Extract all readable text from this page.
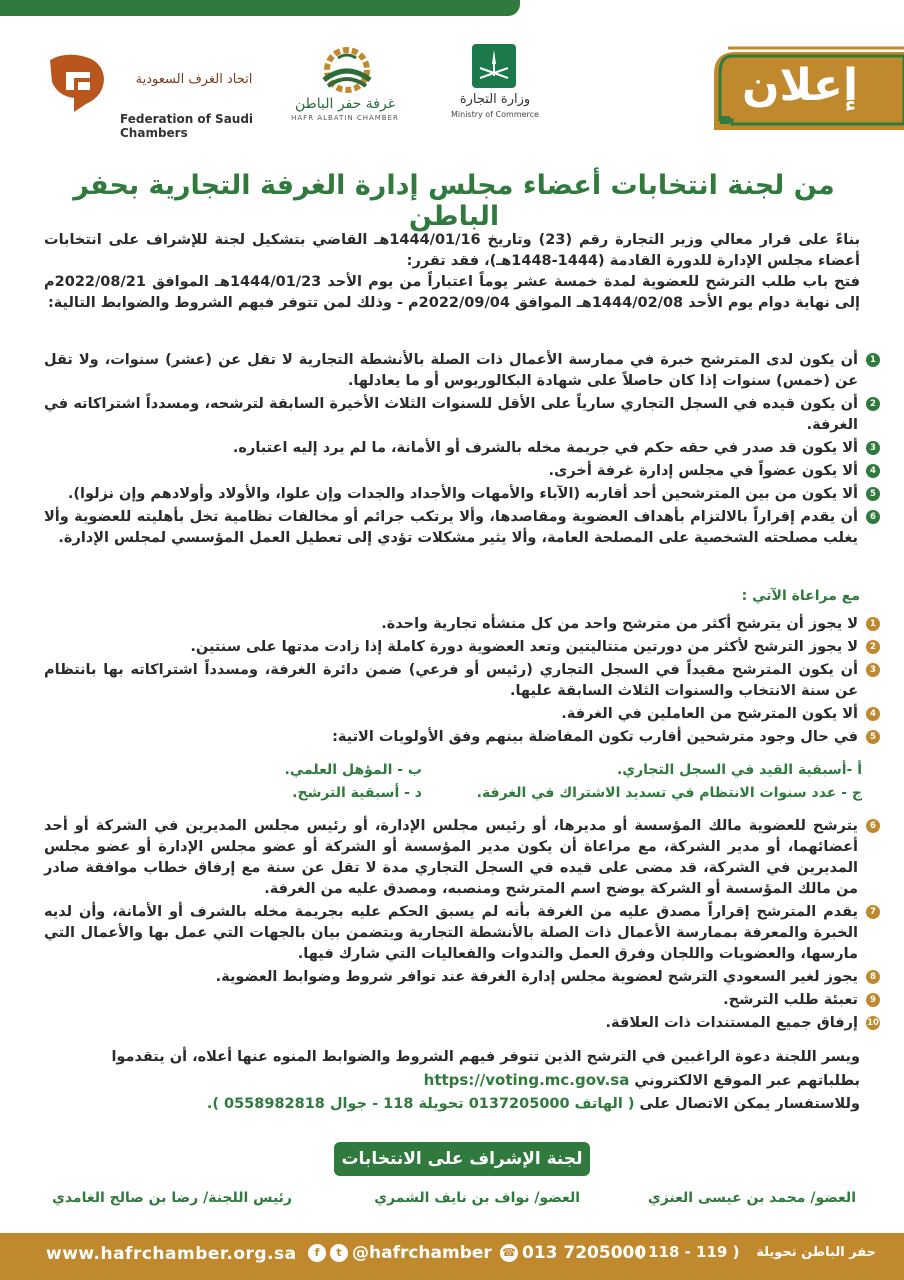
اتحاد الغرف السعودية
Federation of Saudi Chambers
غرفة حفر الباطن
HAFR ALBATIN CHAMBER
وزارة التجارة
Ministry of Commerce
إعلان
من لجنة انتخابات أعضاء مجلس إدارة الغرفة التجارية بحفر الباطن

بناءً على قرار معالي وزير التجارة رقم (23) وتاريخ 1444/01/16هـ القاضي بتشكيل لجنة للإشراف على انتخابات أعضاء مجلس الإدارة للدورة القادمة (1444-1448هـ)، فقد تقرر:

فتح باب طلب الترشح للعضوية لمدة خمسة عشر يوماً اعتباراً من يوم الأحد 1444/01/23هـ الموافق 2022/08/21م إلى نهاية دوام يوم الأحد 1444/02/08هـ الموافق 2022/09/04م - وذلك لمن تتوفر فيهم الشروط والضوابط التالية:

1
أن يكون لدى المترشح خبرة في ممارسة الأعمال ذات الصلة بالأنشطة التجارية لا تقل عن (عشر) سنوات، ولا تقل عن (خمس) سنوات إذا كان حاصلاً على شهادة البكالوريوس أو ما يعادلها.
2
أن يكون قيده في السجل التجاري سارياً على الأقل للسنوات الثلاث الأخيرة السابقة لترشحه، ومسدداً اشتراكاته في الغرفة.
3
ألا يكون قد صدر في حقه حكم في جريمة مخله بالشرف أو الأمانة، ما لم يرد إليه اعتباره.
4
ألا يكون عضواً في مجلس إدارة غرفة أخرى.
5
ألا يكون من بين المترشحين أحد أقاربه (الآباء والأمهات والأجداد والجدات وإن علوا، والأولاد وأولادهم وإن نزلوا).
6
أن يقدم إقراراً بالالتزام بأهداف العضوية ومقاصدها، وألا يرتكب جرائم أو مخالفات نظامية تخل بأهليته للعضوية وألا يغلب مصلحته الشخصية على المصلحة العامة، وألا يثير مشكلات تؤدي إلى تعطيل العمل المؤسسي لمجلس الإدارة.
مع مراعاة الآتي :
1
لا يجوز أن يترشح أكثر من مترشح واحد من كل منشأه تجارية واحدة.
2
لا يجوز الترشح لأكثر من دورتين متتاليتين وتعد العضوية دورة كاملة إذا زادت مدتها على سنتين.
3
أن يكون المترشح مقيداً في السجل التجاري (رئيس أو فرعي) ضمن دائرة الغرفة، ومسدداً اشتراكاته بها بانتظام عن سنة الانتخاب والسنوات الثلاث السابقة عليها.
4
ألا يكون المترشح من العاملين في الغرفة.
5
في حال وجود مترشحين أقارب تكون المفاضلة بينهم وفق الأولويات الاتية:
أ -أسبقية القيد في السجل التجاري.
ب - المؤهل العلمي.
ج - عدد سنوات الانتظام في تسديد الاشتراك في الغرفة.
د - أسبقية الترشح.
6
يترشح للعضوية مالك المؤسسة أو مديرها، أو رئيس مجلس الإدارة، أو رئيس مجلس المديرين في الشركة أو أحد أعضائهما، أو مدير الشركة، مع مراعاة أن يكون مدير المؤسسة أو الشركة أو عضو مجلس الإدارة أو عضو مجلس المديرين في الشركة، قد مضى على قيده في السجل التجاري مدة لا تقل عن سنة مع إرفاق خطاب موافقة صادر من مالك المؤسسة أو الشركة يوضح اسم المترشح ومنصبه، ومصدق عليه من الغرفة.
7
يقدم المترشح إقراراً مصدق عليه من الغرفة بأنه لم يسبق الحكم عليه بجريمة مخله بالشرف أو الأمانة، وأن لديه الخبرة والمعرفة بممارسة الأعمال ذات الصلة بالأنشطة التجارية ويتضمن بيان بالجهات التي عمل بها والأعمال التي مارسها، والعضويات واللجان وفرق العمل والندوات والفعاليات التي شارك فيها.
8
يجوز لغير السعودي الترشح لعضوية مجلس إدارة الغرفة عند توافر شروط وضوابط العضوية.
9
تعبئة طلب الترشح.
10
إرفاق جميع المستندات ذات العلاقة.
ويسر اللجنة دعوة الراغبين في الترشح الذين تتوفر فيهم الشروط والضوابط المنوه عنها أعلاه، أن يتقدموا بطلباتهم عبر الموقع الالكتروني https://voting.mc.gov.sa
وللاستفسار يمكن الاتصال على ( الهاتف 0137205000 تحويلة 118 - جوال 0558982818 ).
لجنة الإشراف على الانتخابات
العضو/ محمد بن عيسى العنزي
العضو/ نواف بن نايف الشمري
رئيس اللجنة/ رضا بن صالح الغامدي
www.hafrchamber.org.sa	f	t @hafrchamber ☎ 013 7205000
( 118 - 119 )	حفر الباطن تحويلة
